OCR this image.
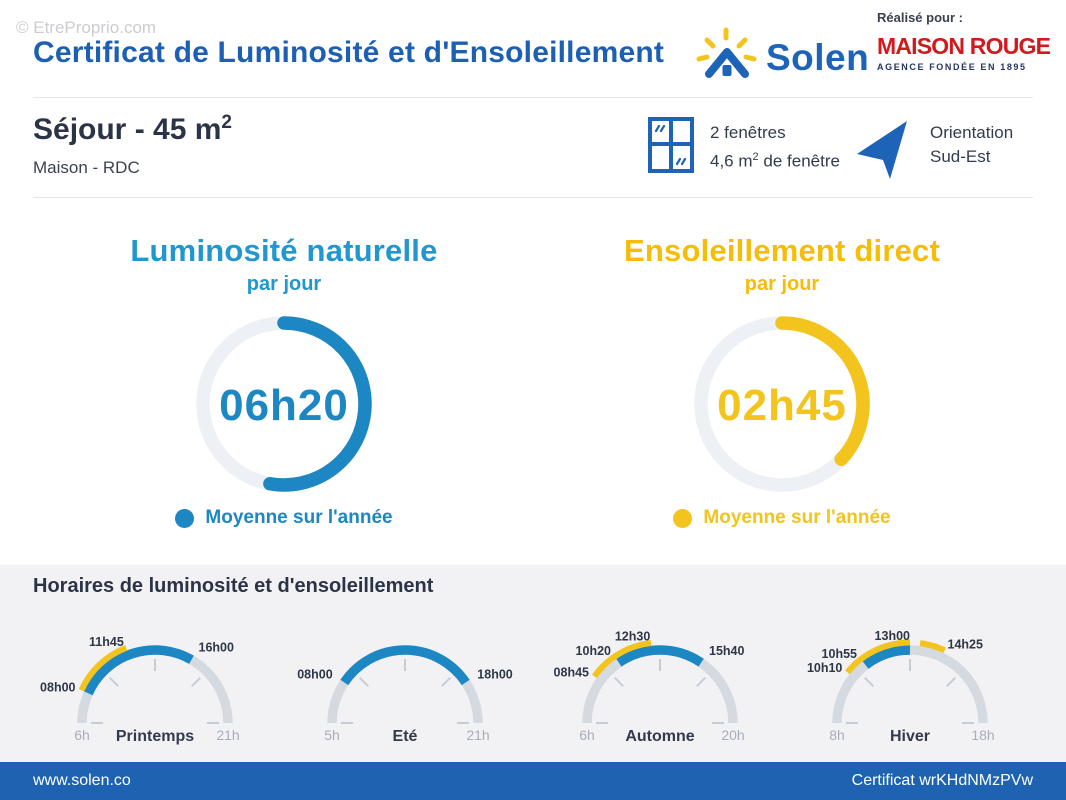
© EtreProprio.com
Certificat de Luminosité et d'Ensoleillement	Solen
Réalisé pour :
MAISON ROUGE
AGENCE FONDÉE EN 1895
Séjour - 45 $m^2$
Maison - RDC
2 fenêtres
4,6 $m^2$ de fenêtre
Orientation
Sud-Est
Luminosité naturelle
par jour
06h20
Moyenne sur l'année
Ensoleillement direct
par jour
02h45
Moyenne sur l'année
Horaires de luminosité et d'ensoleillement
08h00
11h45	16h00
6h	21h
Printemps
08h00	18h00
5h	21h
Eté
08h45
10h20
12h30
15h40
6h	20h
Automne
10h10
10h55
13h00
14h25
8h	18h
Hiver
www.solen.co	Certificat wrKHdNMzPVw
